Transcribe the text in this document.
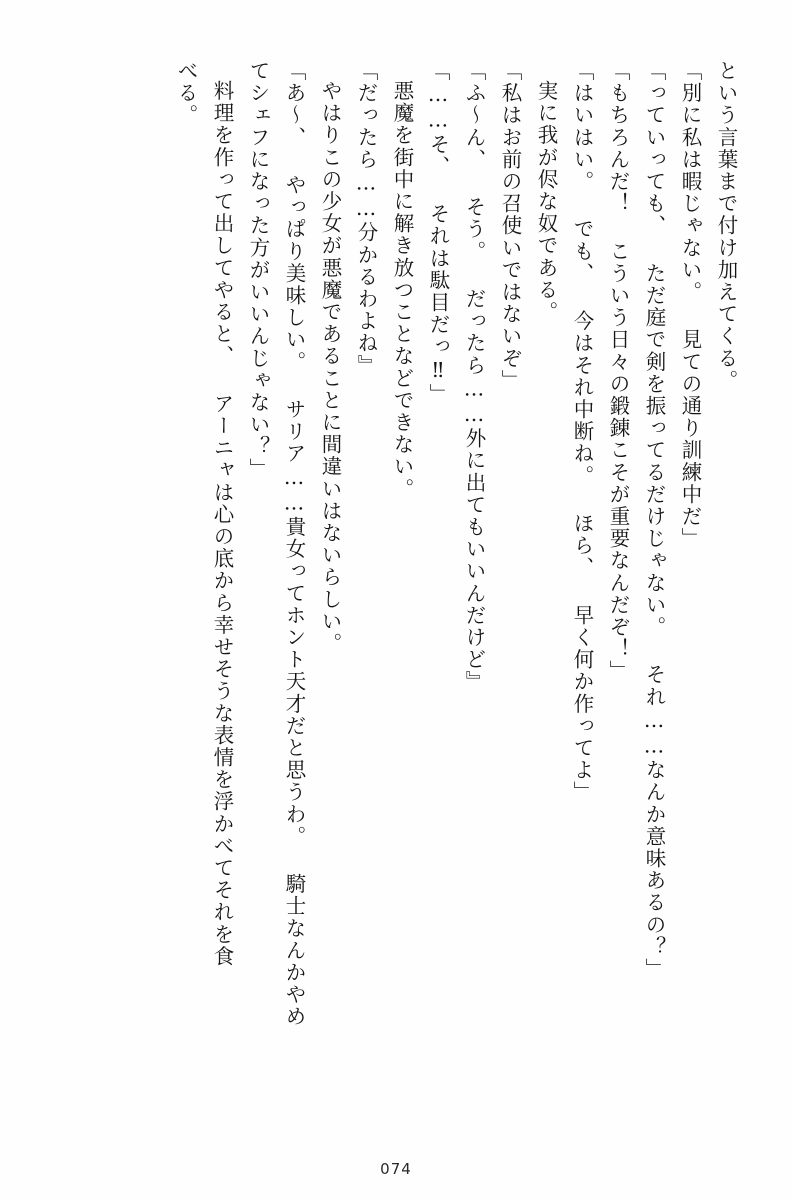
という言葉まで付け加えてくる。
「別に私は暇じゃない。 見ての通り訓練中だ」
「っていっても、 ただ庭で剣を振ってるだけじゃない。 それ……なんか意味あるの？」
「もちろんだ！ こういう日々の鍛錬こそが重要なんだぞ！」
「はいはい。 でも、 今はそれ中断ね。 ほら、 早く何か作ってよ」
実に我が侭な奴である。
「私はお前の召使いではないぞ」
「ふ～ん、 そう。 だったら……外に出てもいいんだけど』
「……そ、 それは駄目だっ‼」
悪魔を街中に解き放つことなどできない。
「だったら……分かるわよね』
やはりこの少女が悪魔であることに間違いはないらしい。
「あ～、 やっぱり美味しい。 サリア……貴女ってホント天才だと思うわ。 騎士なんかやめ
てシェフになった方がいいんじゃない？」
料理を作って出してやると、 アーニャは心の底から幸せそうな表情を浮かべてそれを食
べる。
074
